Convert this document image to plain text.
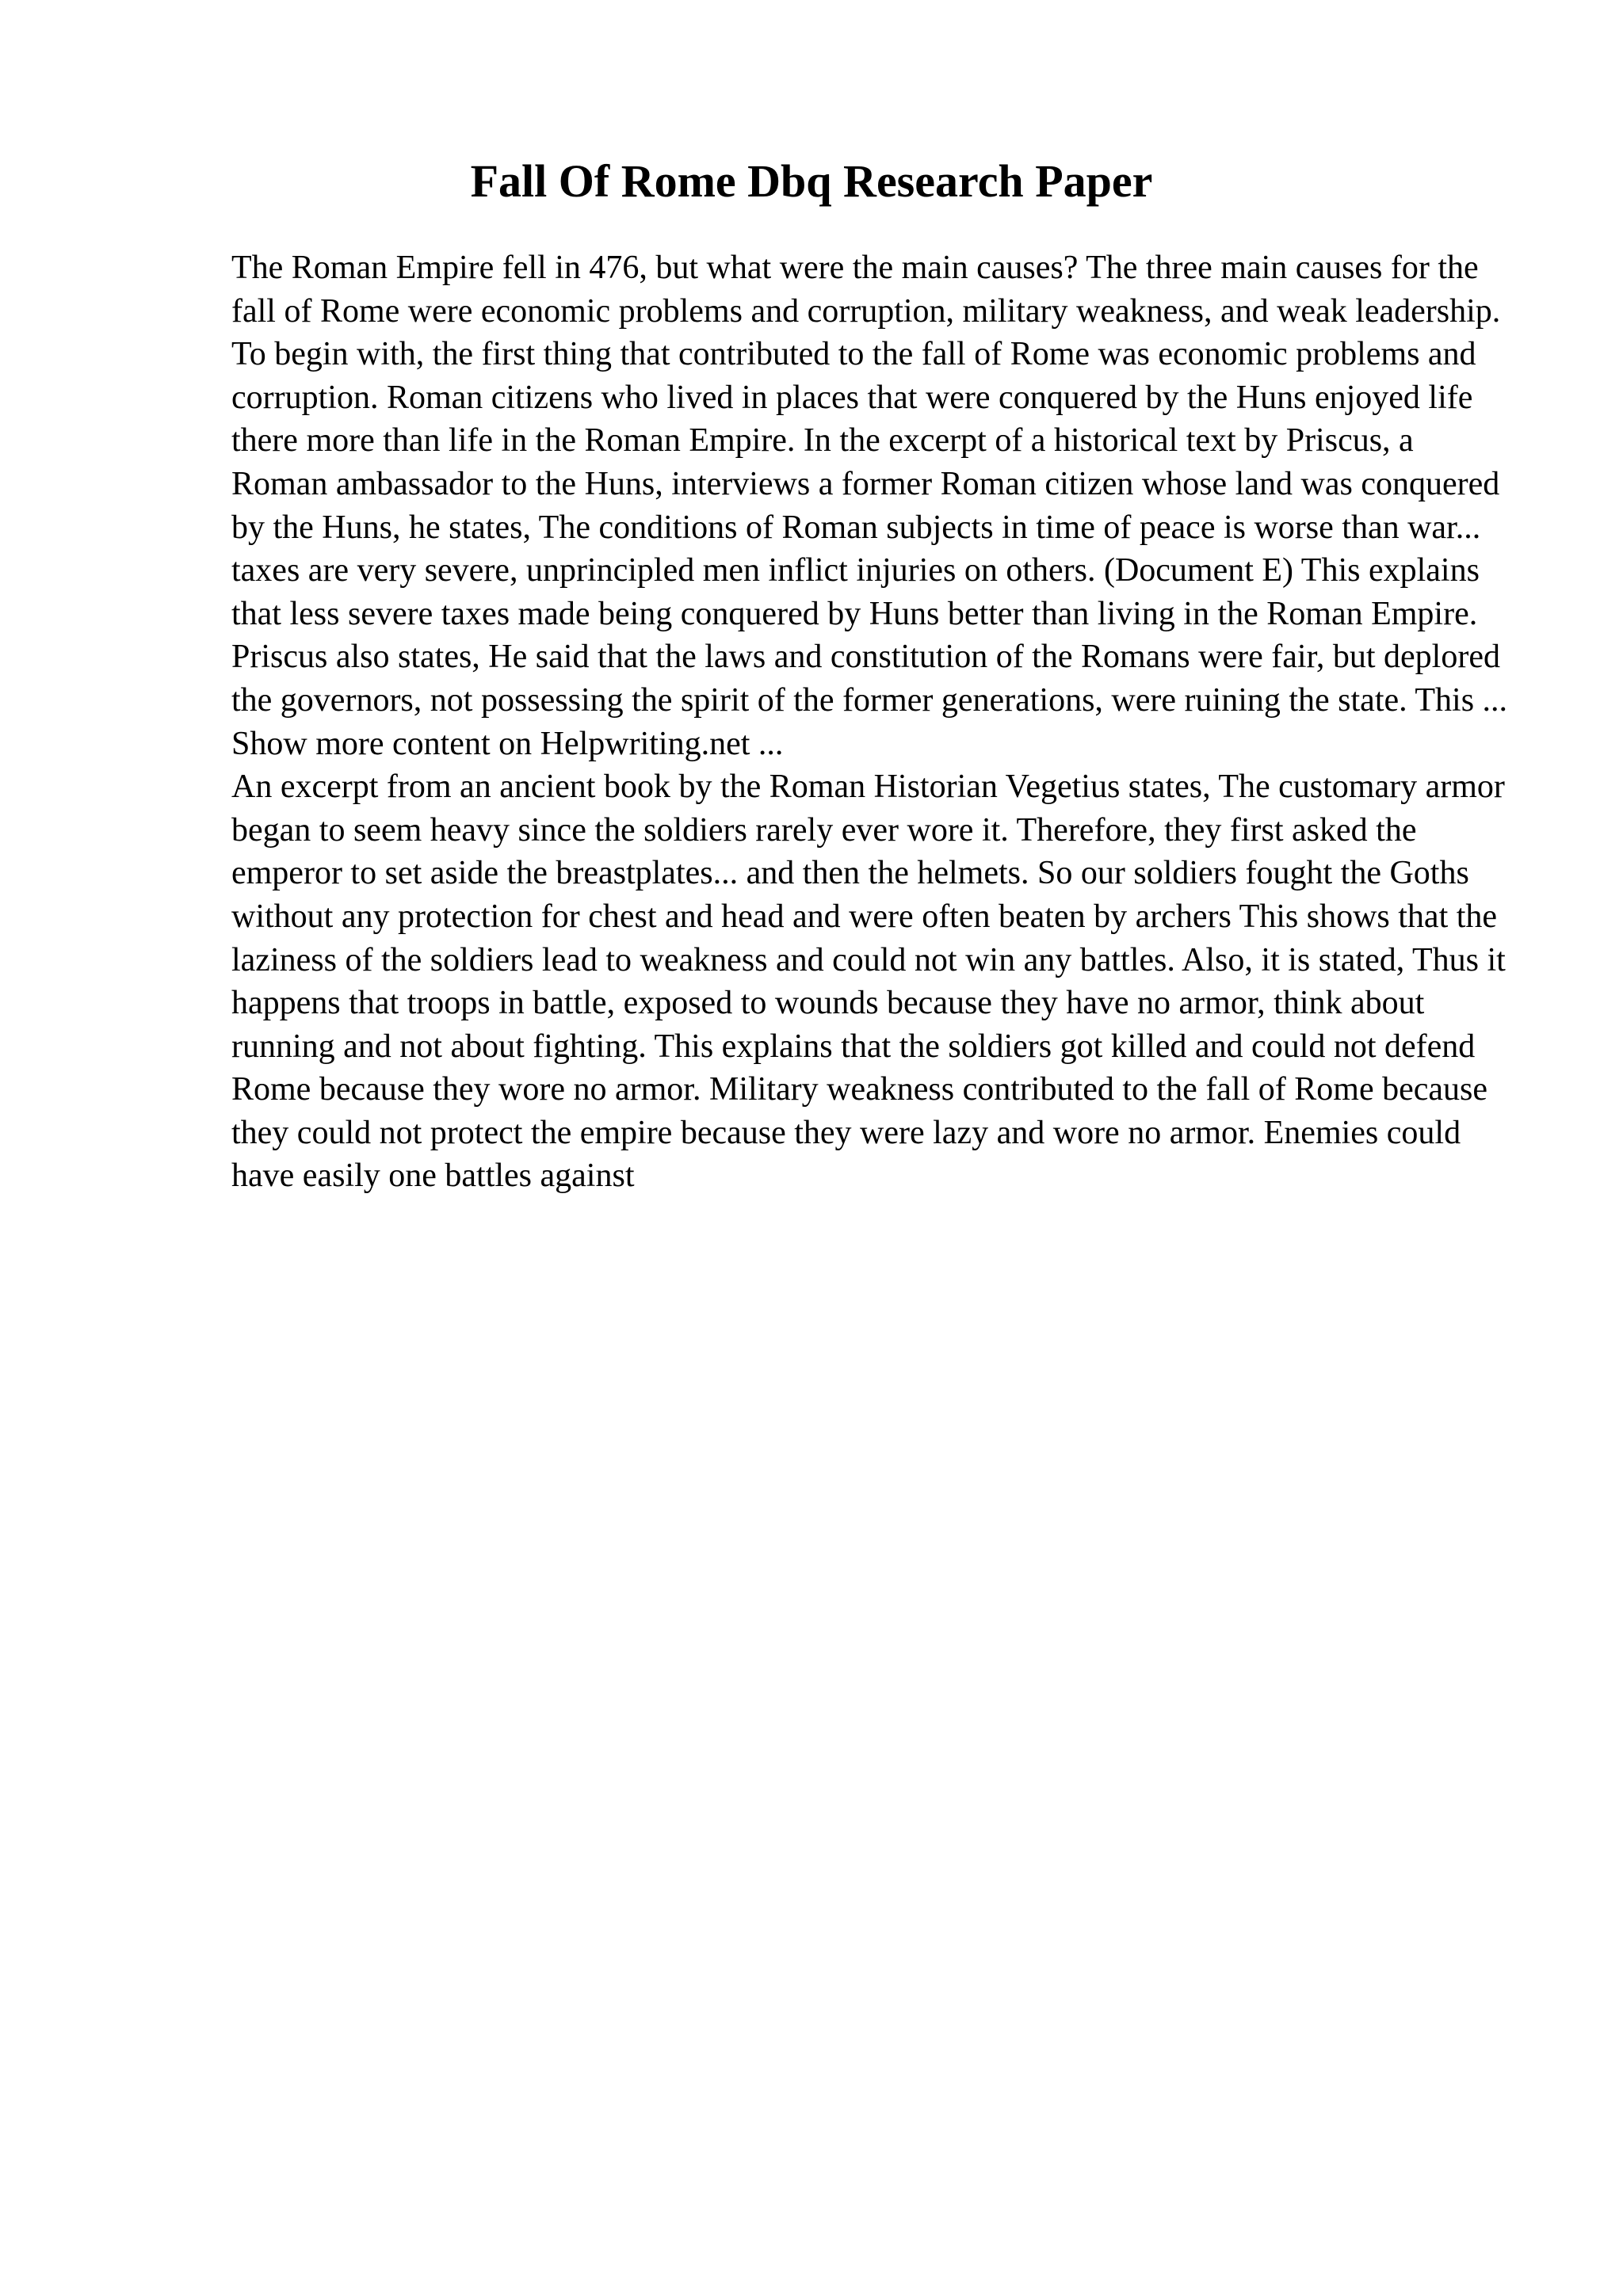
Fall Of Rome Dbq Research Paper

The Roman Empire fell in 476, but what were the main causes? The three main causes for the fall of Rome were economic problems and corruption, military weakness, and weak leadership.

To begin with, the first thing that contributed to the fall of Rome was economic problems and corruption. Roman citizens who lived in places that were conquered by the Huns enjoyed life there more than life in the Roman Empire. In the excerpt of a historical text by Priscus, a Roman ambassador to the Huns, interviews a former Roman citizen whose land was conquered by the Huns, he states, The conditions of Roman subjects in time of peace is worse than war... taxes are very severe, unprincipled men inflict injuries on others. (Document E) This explains that less severe taxes made being conquered by Huns better than living in the Roman Empire. Priscus also states, He said that the laws and constitution of the Romans were fair, but deplored the governors, not possessing the spirit of the former generations, were ruining the state. This ... Show more content on Helpwriting.net ...

An excerpt from an ancient book by the Roman Historian Vegetius states, The customary armor began to seem heavy since the soldiers rarely ever wore it. Therefore, they first asked the emperor to set aside the breastplates... and then the helmets. So our soldiers fought the Goths without any protection for chest and head and were often beaten by archers This shows that the laziness of the soldiers lead to weakness and could not win any battles. Also, it is stated, Thus it happens that troops in battle, exposed to wounds because they have no armor, think about running and not about fighting. This explains that the soldiers got killed and could not defend Rome because they wore no armor. Military weakness contributed to the fall of Rome because they could not protect the empire because they were lazy and wore no armor. Enemies could have easily one battles against
